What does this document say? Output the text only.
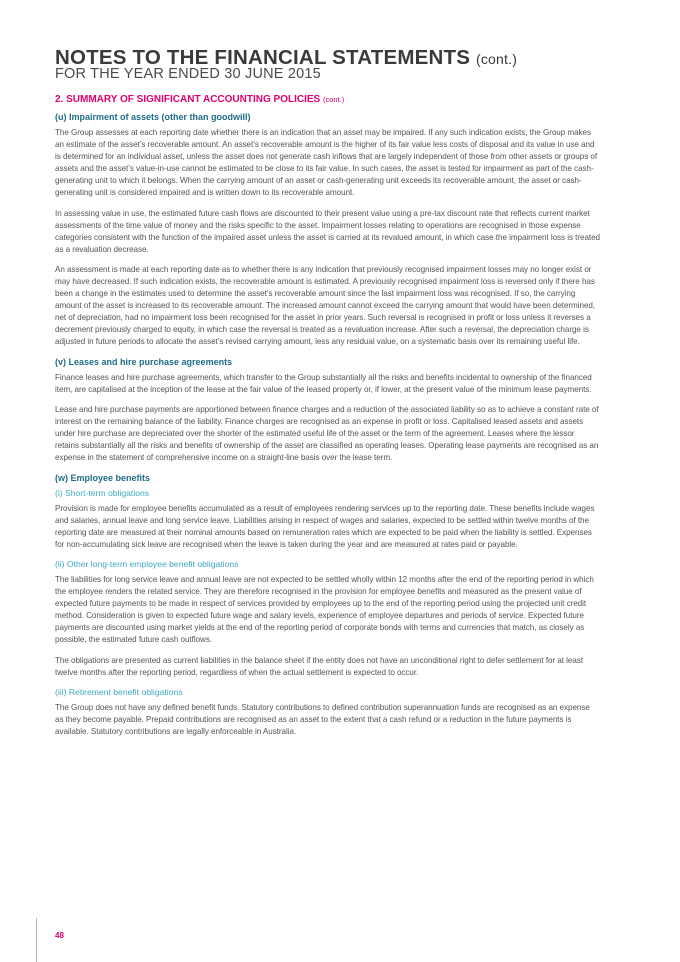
NOTES TO THE FINANCIAL STATEMENTS (cont.)
FOR THE YEAR ENDED 30 JUNE 2015
2. SUMMARY OF SIGNIFICANT ACCOUNTING POLICIES (cont.)
(u) Impairment of assets (other than goodwill)

The Group assesses at each reporting date whether there is an indication that an asset may be impaired. If any such indication exists, the Group makes an estimate of the asset’s recoverable amount. An asset’s recoverable amount is the higher of its fair value less costs of disposal and its value in use and is determined for an individual asset, unless the asset does not generate cash inflows that are largely independent of those from other assets or groups of assets and the asset’s value-in-use cannot be estimated to be close to its fair value. In such cases, the asset is tested for impairment as part of the cash-generating unit to which it belongs. When the carrying amount of an asset or cash-generating unit exceeds its recoverable amount, the asset or cash-generating unit is considered impaired and is written down to its recoverable amount.

In assessing value in use, the estimated future cash flows are discounted to their present value using a pre-tax discount rate that reflects current market assessments of the time value of money and the risks specific to the asset. Impairment losses relating to operations are recognised in those expense categories consistent with the function of the impaired asset unless the asset is carried at its revalued amount, in which case the impairment loss is treated as a revaluation decrease.

An assessment is made at each reporting date as to whether there is any indication that previously recognised impairment losses may no longer exist or may have decreased. If such indication exists, the recoverable amount is estimated. A previously recognised impairment loss is reversed only if there has been a change in the estimates used to determine the asset’s recoverable amount since the last impairment loss was recognised. If so, the carrying amount of the asset is increased to its recoverable amount. The increased amount cannot exceed the carrying amount that would have been determined, net of depreciation, had no impairment loss been recognised for the asset in prior years. Such reversal is recognised in profit or loss unless it reverses a decrement previously charged to equity, in which case the reversal is treated as a revaluation increase. After such a reversal, the depreciation charge is adjusted in future periods to allocate the asset’s revised carrying amount, less any residual value, on a systematic basis over its remaining useful life.

(v) Leases and hire purchase agreements

Finance leases and hire purchase agreements, which transfer to the Group substantially all the risks and benefits incidental to ownership of the financed item, are capitalised at the inception of the lease at the fair value of the leased property or, if lower, at the present value of the minimum lease payments.

Lease and hire purchase payments are apportioned between finance charges and a reduction of the associated liability so as to achieve a constant rate of interest on the remaining balance of the liability. Finance charges are recognised as an expense in profit or loss. Capitalised leased assets and assets under hire purchase are depreciated over the shorter of the estimated useful life of the asset or the term of the agreement. Leases where the lessor retains substantially all the risks and benefits of ownership of the asset are classified as operating leases. Operating lease payments are recognised as an expense in the statement of comprehensive income on a straight-line basis over the lease term.

(w) Employee benefits
(i) Short-term obligations

Provision is made for employee benefits accumulated as a result of employees rendering services up to the reporting date. These benefits include wages and salaries, annual leave and long service leave. Liabilities arising in respect of wages and salaries, expected to be settled within twelve months of the reporting date are measured at their nominal amounts based on remuneration rates which are expected to be paid when the liability is settled. Expenses for non-accumulating sick leave are recognised when the leave is taken during the year and are measured at rates paid or payable.

(ii) Other long-term employee benefit obligations

The liabilities for long service leave and annual leave are not expected to be settled wholly within 12 months after the end of the reporting period in which the employee renders the related service. They are therefore recognised in the provision for employee benefits and measured as the present value of expected future payments to be made in respect of services provided by employees up to the end of the reporting period using the projected unit credit method. Consideration is given to expected future wage and salary levels, experience of employee departures and periods of service. Expected future payments are discounted using market yields at the end of the reporting period of corporate bonds with terms and currencies that match, as closely as possible, the estimated future cash outflows.

The obligations are presented as current liabilities in the balance sheet if the entity does not have an unconditional right to defer settlement for at least twelve months after the reporting period, regardless of when the actual settlement is expected to occur.

(iii) Retirement benefit obligations

The Group does not have any defined benefit funds. Statutory contributions to defined contribution superannuation funds are recognised as an expense as they become payable. Prepaid contributions are recognised as an asset to the extent that a cash refund or a reduction in the future payments is available. Statutory contributions are legally enforceable in Australia.

48
